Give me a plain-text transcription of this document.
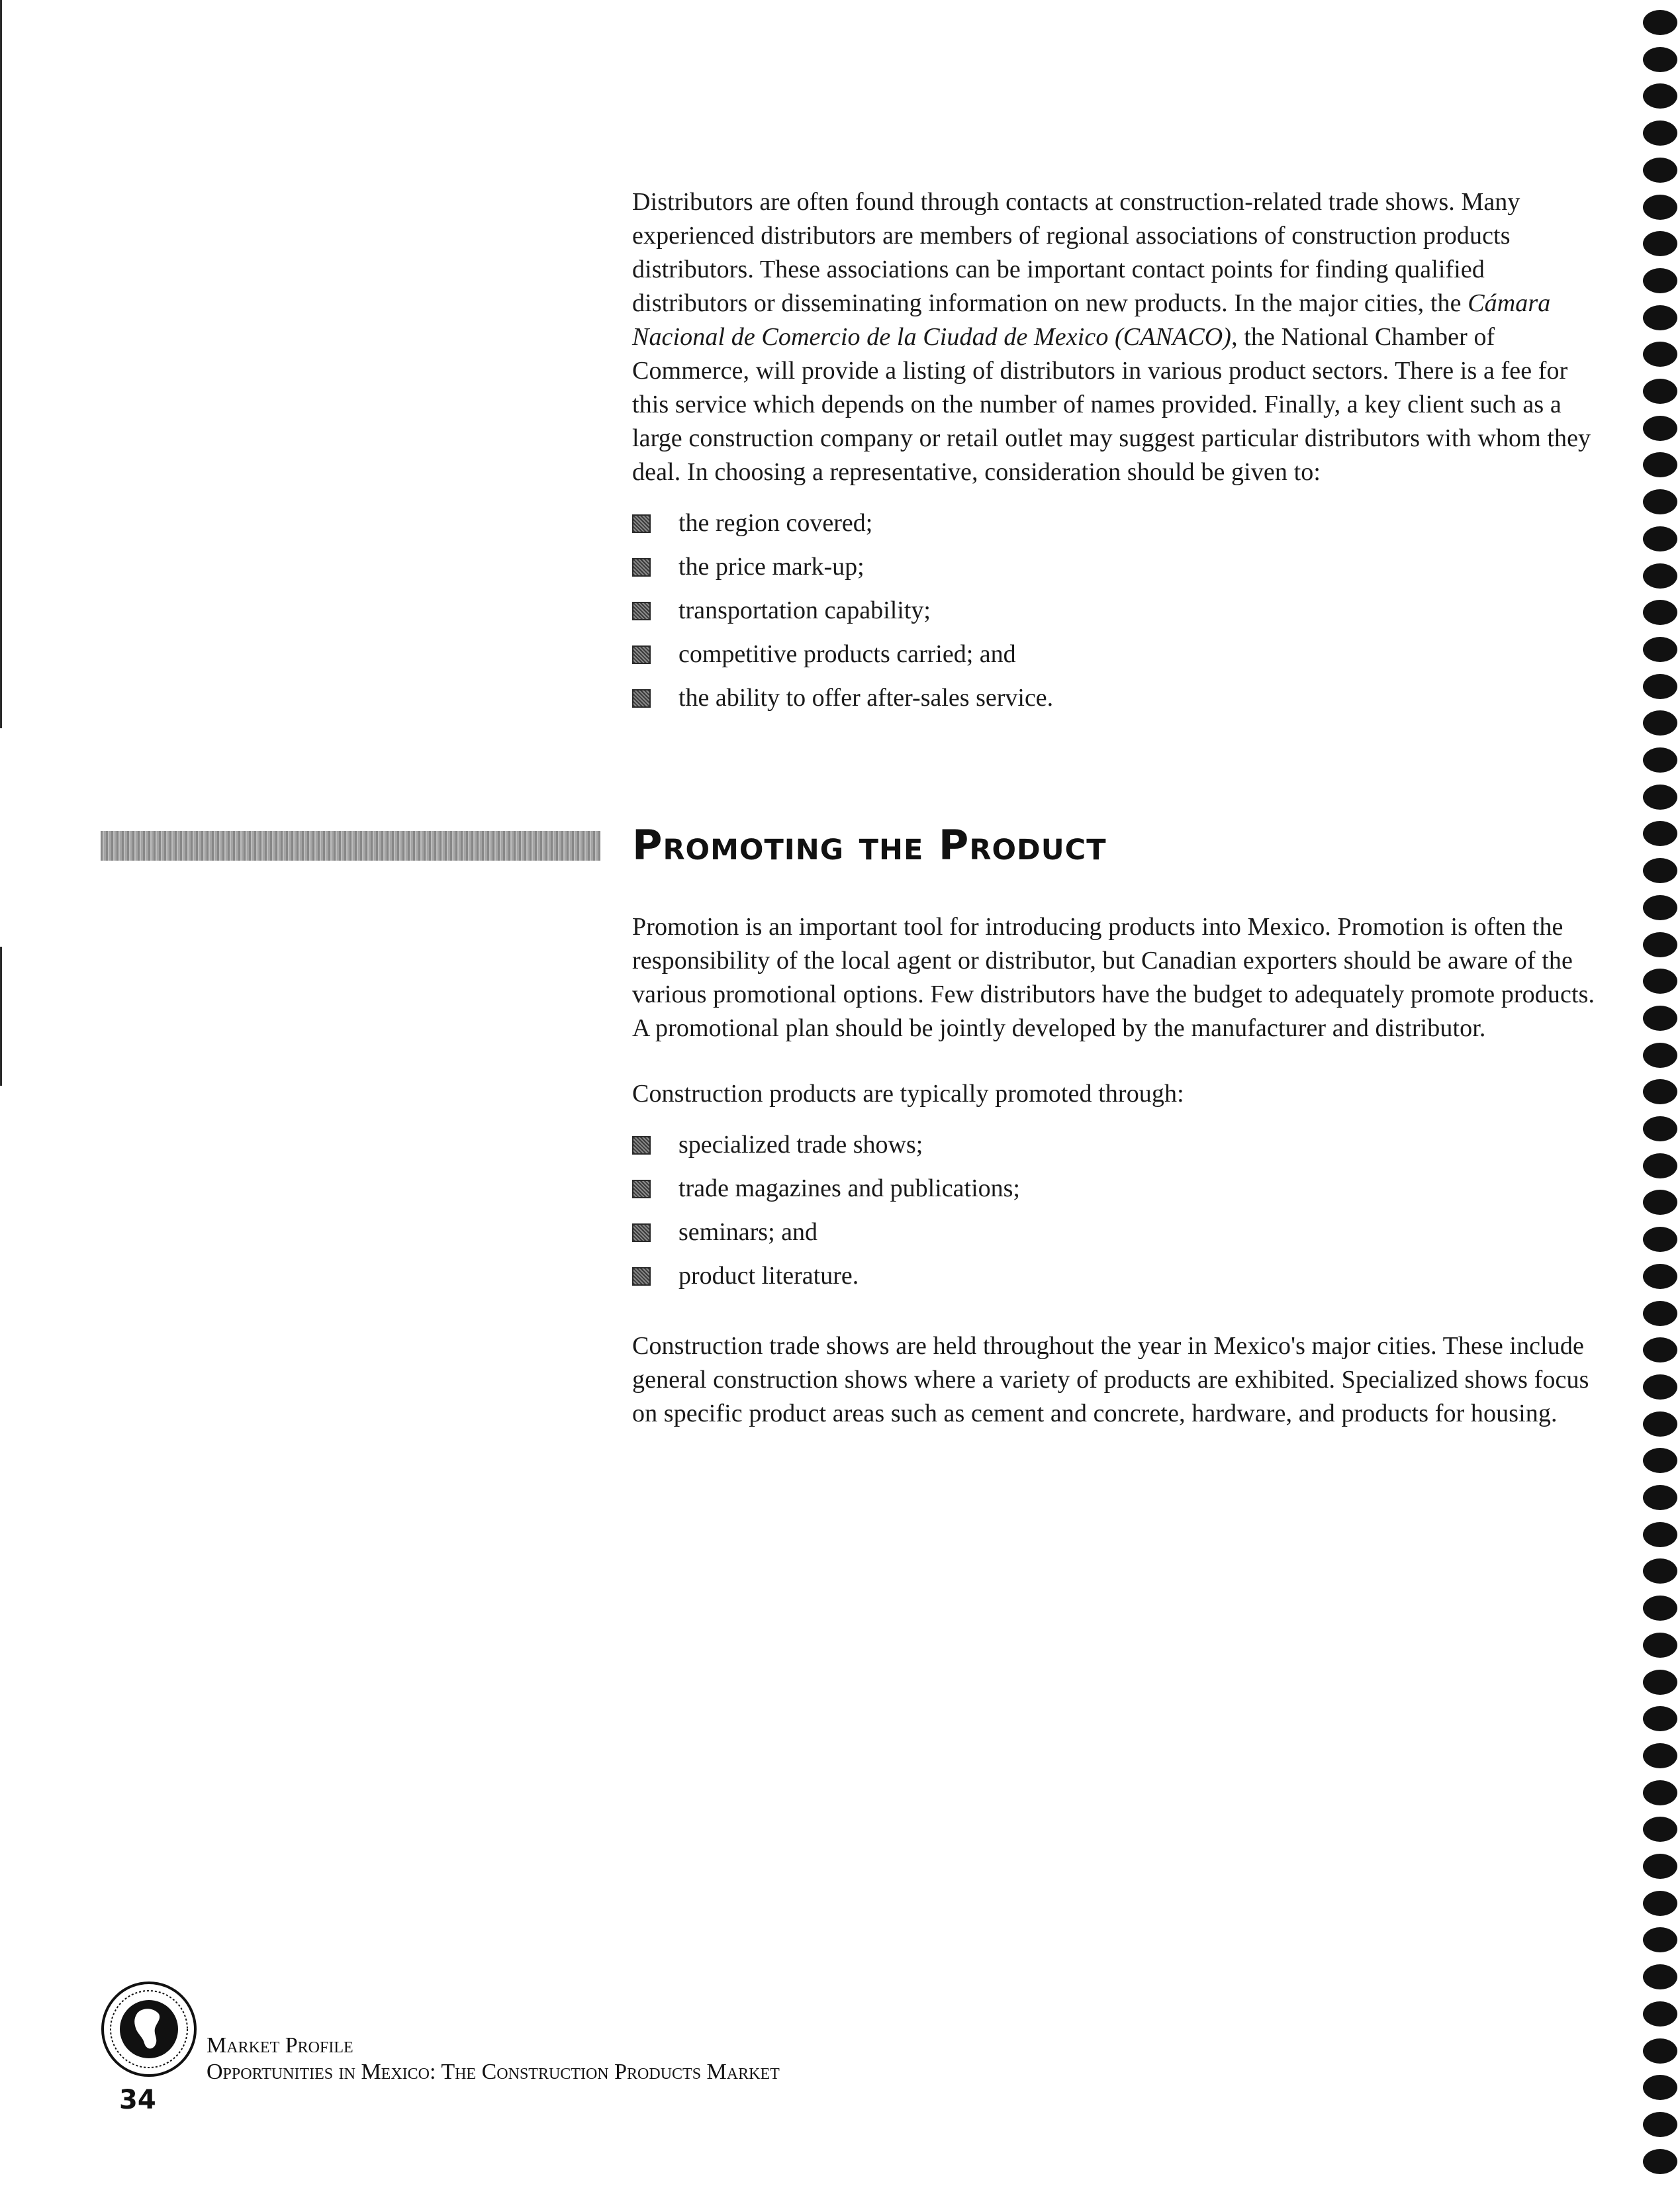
Distributors are often found through contacts at construction-related trade shows. Many experienced distributors are members of regional associations of construction products distributors. These associations can be important contact points for finding qualified distributors or disseminating information on new products. In the major cities, the Cámara Nacional de Comercio de la Ciudad de Mexico (CANACO), the National Chamber of Commerce, will provide a listing of distributors in various product sectors. There is a fee for this service which depends on the number of names provided. Finally, a key client such as a large construction company or retail outlet may suggest particular distributors with whom they deal. In choosing a representative, consideration should be given to:

the region covered;
the price mark-up;
transportation capability;
competitive products carried; and
the ability to offer after-sales service.
Promoting the Product

Promotion is an important tool for introducing products into Mexico. Promotion is often the responsibility of the local agent or distributor, but Canadian exporters should be aware of the various promotional options. Few distributors have the budget to adequately promote products. A promotional plan should be jointly developed by the manufacturer and distributor.

Construction products are typically promoted through:

specialized trade shows;
trade magazines and publications;
seminars; and
product literature.

Construction trade shows are held throughout the year in Mexico's major cities. These include general construction shows where a variety of products are exhibited. Specialized shows focus on specific product areas such as cement and concrete, hardware, and products for housing.

Market Profile
Opportunities in Mexico: The Construction Products Market
34
